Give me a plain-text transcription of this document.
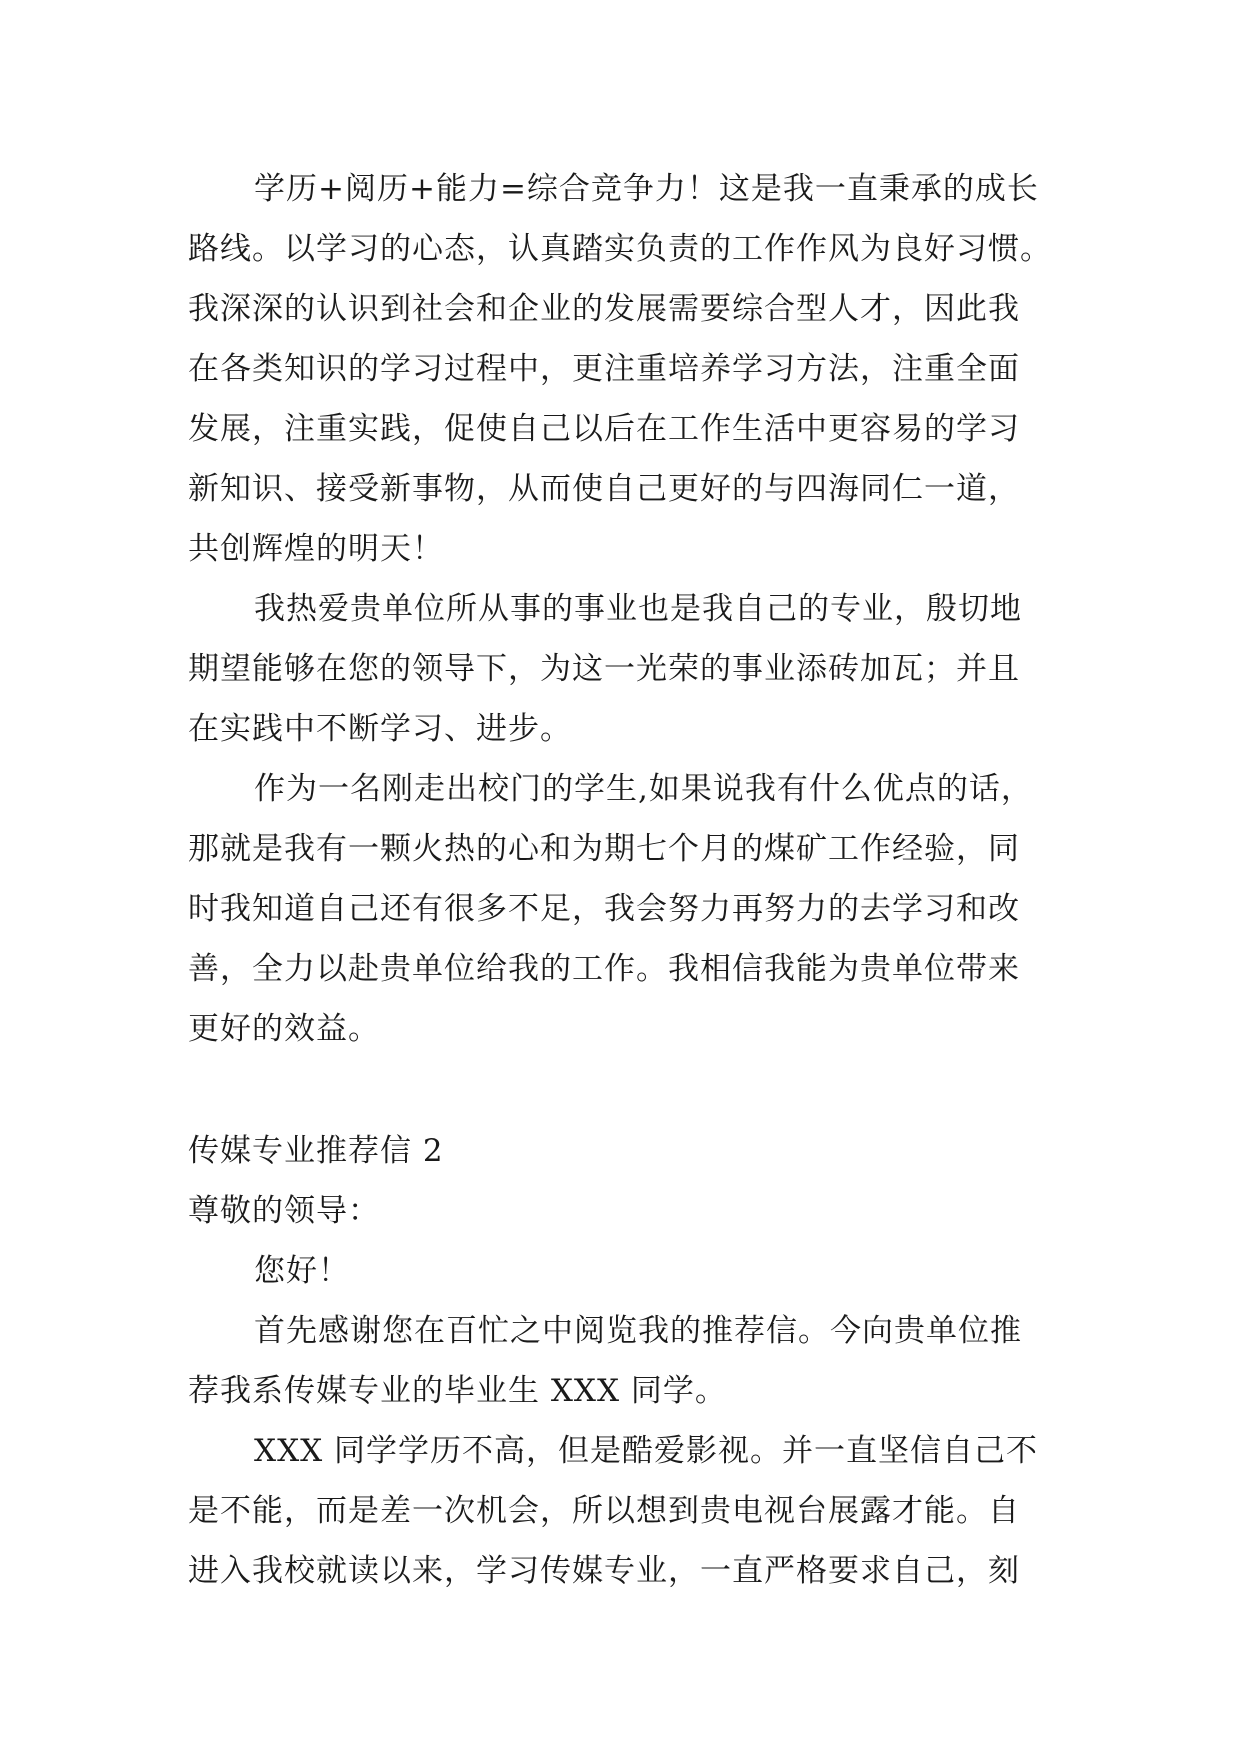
学历+阅历+能力=综合竞争力！这是我一直秉承的成长
路线。以学习的心态，认真踏实负责的工作作风为良好习惯。
我深深的认识到社会和企业的发展需要综合型人才，因此我
在各类知识的学习过程中，更注重培养学习方法，注重全面
发展，注重实践，促使自己以后在工作生活中更容易的学习
新知识、接受新事物，从而使自己更好的与四海同仁一道，
共创辉煌的明天！
我热爱贵单位所从事的事业也是我自己的专业，殷切地
期望能够在您的领导下，为这一光荣的事业添砖加瓦；并且
在实践中不断学习、进步。
作为一名刚走出校门的学生,如果说我有什么优点的话，
那就是我有一颗火热的心和为期七个月的煤矿工作经验，同
时我知道自己还有很多不足，我会努力再努力的去学习和改
善，全力以赴贵单位给我的工作。我相信我能为贵单位带来
更好的效益。
传媒专业推荐信 2
尊敬的领导：
您好！
首先感谢您在百忙之中阅览我的推荐信。今向贵单位推
荐我系传媒专业的毕业生 XXX 同学。
XXX 同学学历不高，但是酷爱影视。并一直坚信自己不
是不能，而是差一次机会，所以想到贵电视台展露才能。自
进入我校就读以来，学习传媒专业，一直严格要求自己，刻
